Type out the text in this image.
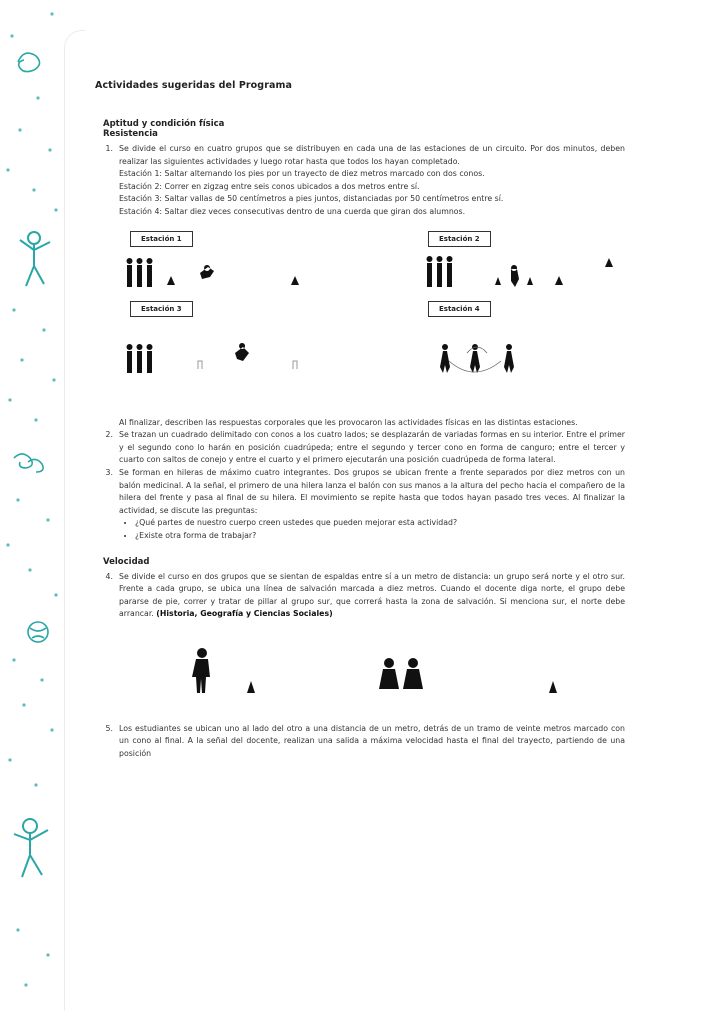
Actividades sugeridas del Programa
Aptitud y condición física
Resistencia
1. Se divide el curso en cuatro grupos que se distribuyen en cada una de las estaciones de un circuito. Por dos minutos, deben realizar las siguientes actividades y luego rotar hasta que todos los hayan completado.
Estación 1: Saltar alternando los pies por un trayecto de diez metros marcado con dos conos.
Estación 2: Correr en zigzag entre seis conos ubicados a dos metros entre sí.
Estación 3: Saltar vallas de 50 centímetros a pies juntos, distanciadas por 50 centímetros entre sí.
Estación 4: Saltar diez veces consecutivas dentro de una cuerda que giran dos alumnos.
Estación 1	Estación 2
Estación 3	Estación 4
Al finalizar, describen las respuestas corporales que les provocaron las actividades físicas en las distintas estaciones.
2. Se trazan un cuadrado delimitado con conos a los cuatro lados; se desplazarán de variadas formas en su interior. Entre el primer y el segundo cono lo harán en posición cuadrúpeda; entre el segundo y tercer cono en forma de canguro; entre el tercer y cuarto con saltos de conejo y entre el cuarto y el primero ejecutarán una posición cuadrúpeda de forma lateral.
3. Se forman en hileras de máximo cuatro integrantes. Dos grupos se ubican frente a frente separados por diez metros con un balón medicinal. A la señal, el primero de una hilera lanza el balón con sus manos a la altura del pecho hacia el compañero de la hilera del frente y pasa al final de su hilera. El movimiento se repite hasta que todos hayan pasado tres veces. Al finalizar la actividad, se discute las preguntas:
• ¿Qué partes de nuestro cuerpo creen ustedes que pueden mejorar esta actividad?
• ¿Existe otra forma de trabajar?
Velocidad
4. Se divide el curso en dos grupos que se sientan de espaldas entre sí a un metro de distancia: un grupo será norte y el otro sur. Frente a cada grupo, se ubica una línea de salvación marcada a diez metros. Cuando el docente diga norte, el grupo debe pararse de pie, correr y tratar de pillar al grupo sur, que correrá hasta la zona de salvación. Si menciona sur, el norte debe arrancar. (Historia, Geografía y Ciencias Sociales)
5. Los estudiantes se ubican uno al lado del otro a una distancia de un metro, detrás de un tramo de veinte metros marcado con un cono al final. A la señal del docente, realizan una salida a máxima velocidad hasta el final del trayecto, partiendo de una posición
